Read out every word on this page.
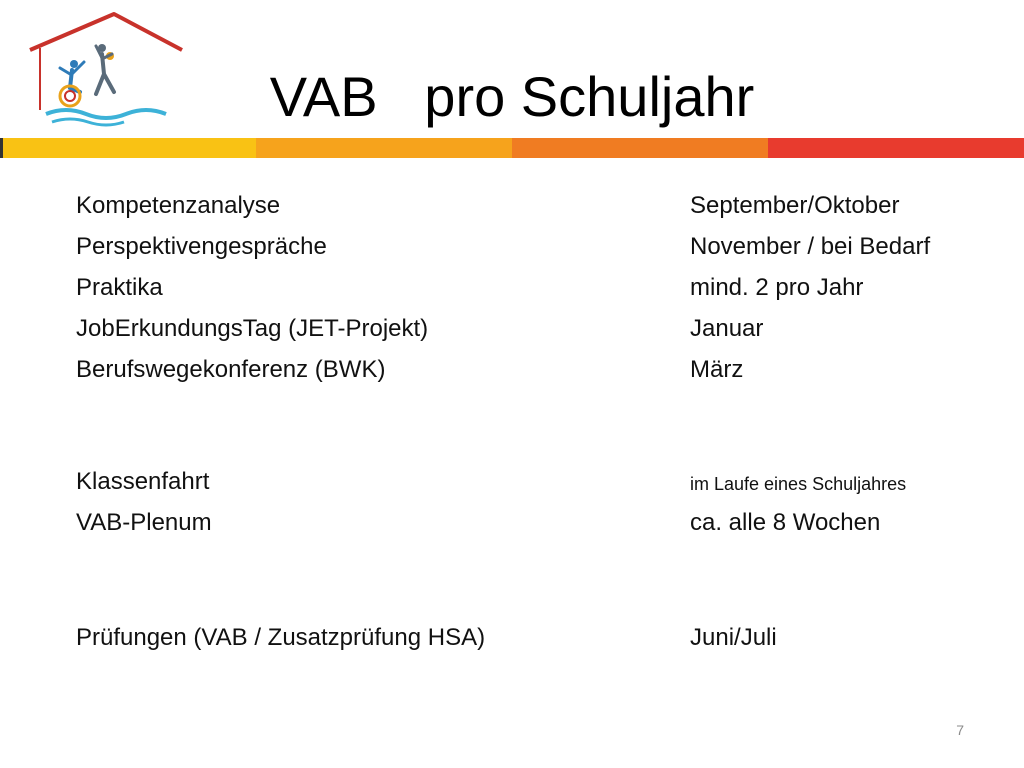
VAB   pro Schuljahr
Kompetenzanalyse	September/Oktober
Perspektivengespräche	November / bei Bedarf
Praktika	mind. 2 pro Jahr
JobErkundungsTag (JET-Projekt)	Januar
Berufswegekonferenz (BWK)	März
Klassenfahrt	im Laufe eines Schuljahres
VAB-Plenum	ca. alle 8 Wochen
Prüfungen (VAB / Zusatzprüfung HSA)	Juni/Juli
7
